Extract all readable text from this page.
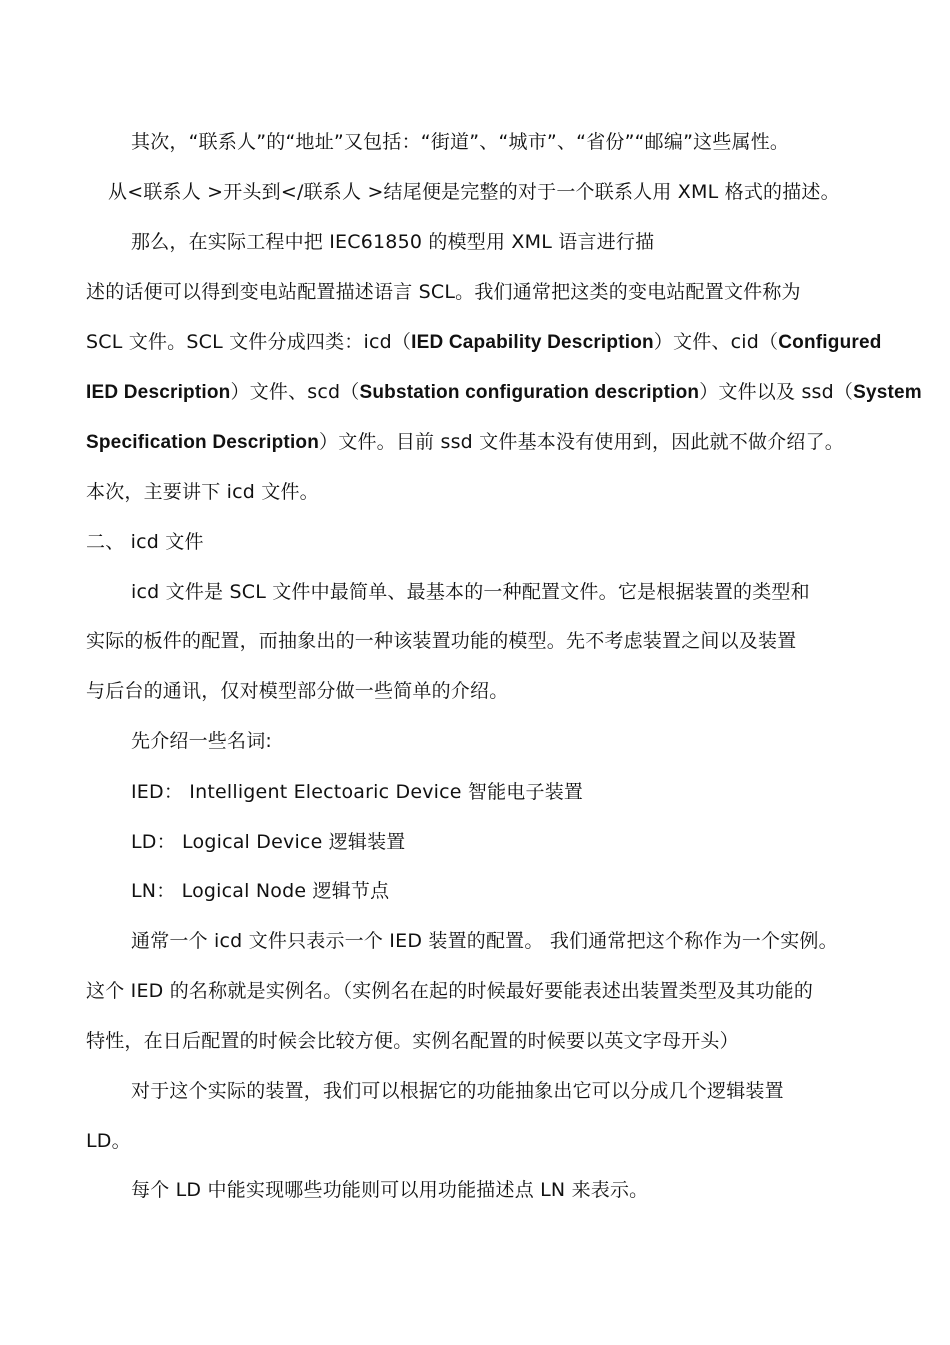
其次，“联系人”的“地址”又包括：“街道”、“城市”、“省份”“邮编”这些属性。
从<联系人 >开头到</联系人 >结尾便是完整的对于一个联系人用 XML 格式的描述。
那么，在实际工程中把 IEC61850 的模型用 XML 语言进行描
述的话便可以得到变电站配置描述语言 SCL。我们通常把这类的变电站配置文件称为
SCL 文件。SCL 文件分成四类：icd（IED Capability Description）文件、cid（Configured
IED Description）文件、scd（Substation configuration description）文件以及 ssd（System
Specification Description）文件。目前 ssd 文件基本没有使用到，因此就不做介绍了。
本次，主要讲下 icd 文件。
二、 icd 文件
icd 文件是 SCL 文件中最简单、最基本的一种配置文件。它是根据装置的类型和
实际的板件的配置，而抽象出的一种该装置功能的模型。先不考虑装置之间以及装置
与后台的通讯，仅对模型部分做一些简单的介绍。
先介绍一些名词:
IED： Intelligent Electoaric Device 智能电子装置
LD： Logical Device 逻辑装置
LN： Logical Node 逻辑节点
通常一个 icd 文件只表示一个 IED 装置的配置。 我们通常把这个称作为一个实例。
这个 IED 的名称就是实例名。（实例名在起的时候最好要能表述出装置类型及其功能的
特性，在日后配置的时候会比较方便。实例名配置的时候要以英文字母开头）
对于这个实际的装置，我们可以根据它的功能抽象出它可以分成几个逻辑装置
LD。
每个 LD 中能实现哪些功能则可以用功能描述点 LN 来表示。
